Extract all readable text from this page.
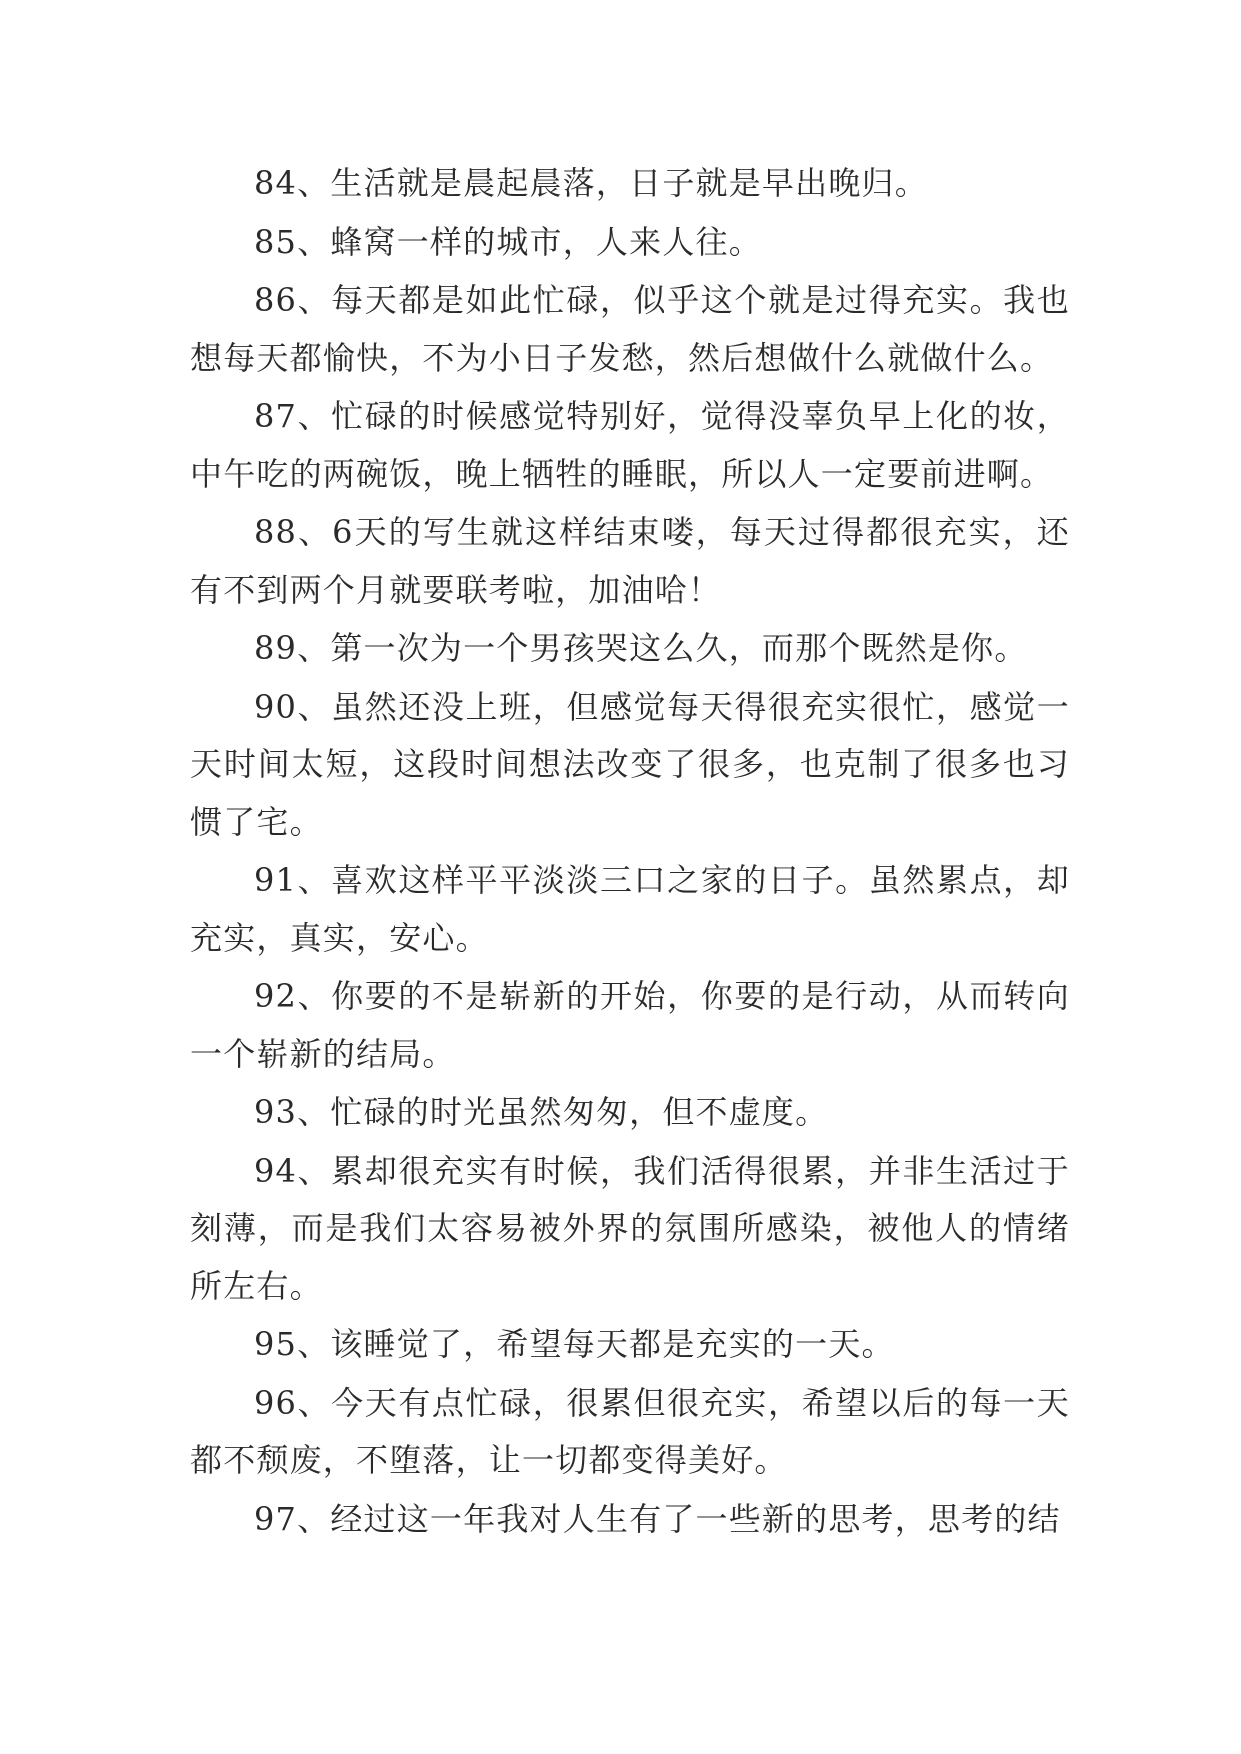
84、生活就是晨起晨落，日子就是早出晚归。

85、蜂窝一样的城市，人来人往。

86、每天都是如此忙碌，似乎这个就是过得充实。我也想每天都愉快，不为小日子发愁，然后想做什么就做什么。

87、忙碌的时候感觉特别好，觉得没辜负早上化的妆，中午吃的两碗饭，晚上牺牲的睡眠，所以人一定要前进啊。

88、6天的写生就这样结束喽，每天过得都很充实，还有不到两个月就要联考啦，加油哈！

89、第一次为一个男孩哭这么久，而那个既然是你。

90、虽然还没上班，但感觉每天得很充实很忙，感觉一天时间太短，这段时间想法改变了很多，也克制了很多也习惯了宅。

91、喜欢这样平平淡淡三口之家的日子。虽然累点，却充实，真实，安心。

92、你要的不是崭新的开始，你要的是行动，从而转向一个崭新的结局。

93、忙碌的时光虽然匆匆，但不虚度。

94、累却很充实有时候，我们活得很累，并非生活过于刻薄，而是我们太容易被外界的氛围所感染，被他人的情绪所左右。

95、该睡觉了，希望每天都是充实的一天。

96、今天有点忙碌，很累但很充实，希望以后的每一天都不颓废，不堕落，让一切都变得美好。

97、经过这一年我对人生有了一些新的思考，思考的结
